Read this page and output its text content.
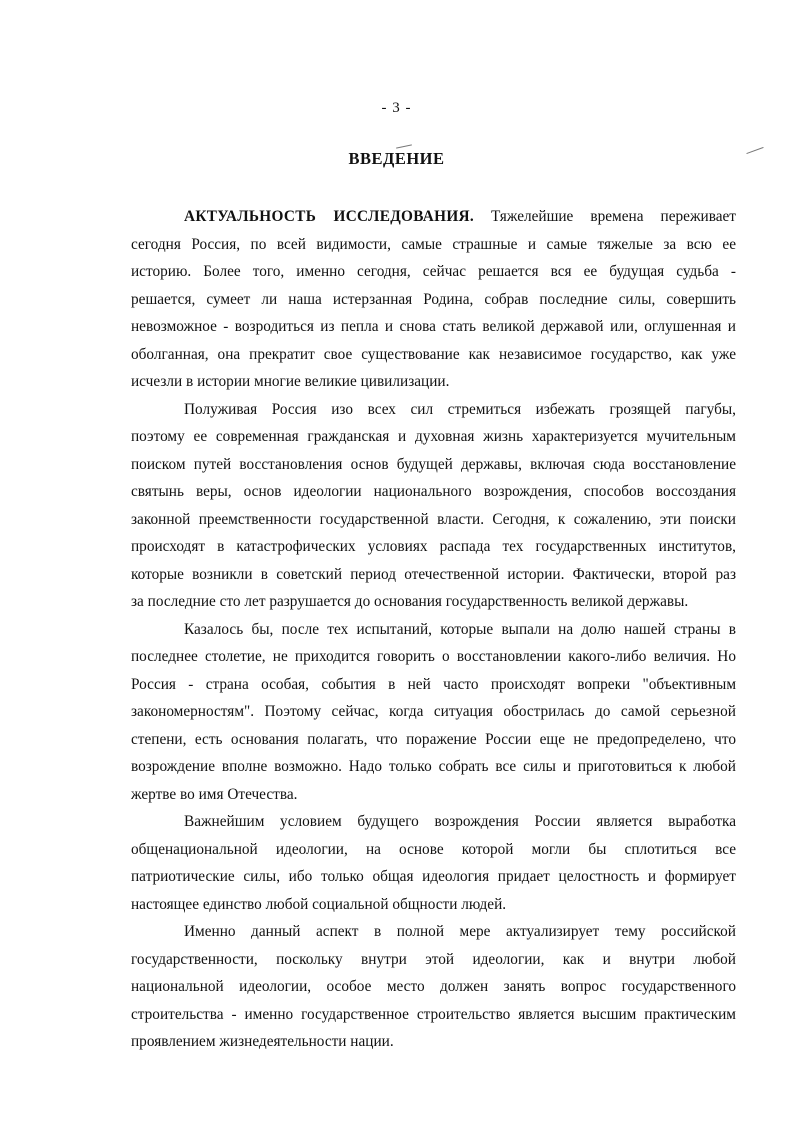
- 3 -
ВВЕДЕНИЕ
АКТУАЛЬНОСТЬ ИССЛЕДОВАНИЯ. Тяжелейшие времена переживает
сегодня Россия, по всей видимости, самые страшные и самые тяжелые за всю ее
историю. Более того, именно сегодня, сейчас решается вся ее будущая судьба -
решается, сумеет ли наша истерзанная Родина, собрав последние силы, совершить
невозможное - возродиться из пепла и снова стать великой державой или, оглушенная и
оболганная, она прекратит свое существование как независимое государство, как уже
исчезли в истории многие великие цивилизации.
Полуживая Россия изо всех сил стремиться избежать грозящей пагубы,
поэтому ее современная гражданская и духовная жизнь характеризуется мучительным
поиском путей восстановления основ будущей державы, включая сюда восстановление
святынь веры, основ идеологии национального возрождения, способов воссоздания
законной преемственности государственной власти. Сегодня, к сожалению, эти поиски
происходят в катастрофических условиях распада тех государственных институтов,
которые возникли в советский период отечественной истории. Фактически, второй раз
за последние сто лет разрушается до основания государственность великой державы.
Казалось бы, после тех испытаний, которые выпали на долю нашей страны в
последнее столетие, не приходится говорить о восстановлении какого-либо величия. Но
Россия - страна особая, события в ней часто происходят вопреки "объективным
закономерностям". Поэтому сейчас, когда ситуация обострилась до самой серьезной
степени, есть основания полагать, что поражение России еще не предопределено, что
возрождение вполне возможно. Надо только собрать все силы и приготовиться к любой
жертве во имя Отечества.
Важнейшим условием будущего возрождения России является выработка
общенациональной идеологии, на основе которой могли бы сплотиться все
патриотические силы, ибо только общая идеология придает целостность и формирует
настоящее единство любой социальной общности людей.
Именно данный аспект в полной мере актуализирует тему российской
государственности, поскольку внутри этой идеологии, как и внутри любой
национальной идеологии, особое место должен занять вопрос государственного
строительства - именно государственное строительство является высшим практическим
проявлением жизнедеятельности нации.
